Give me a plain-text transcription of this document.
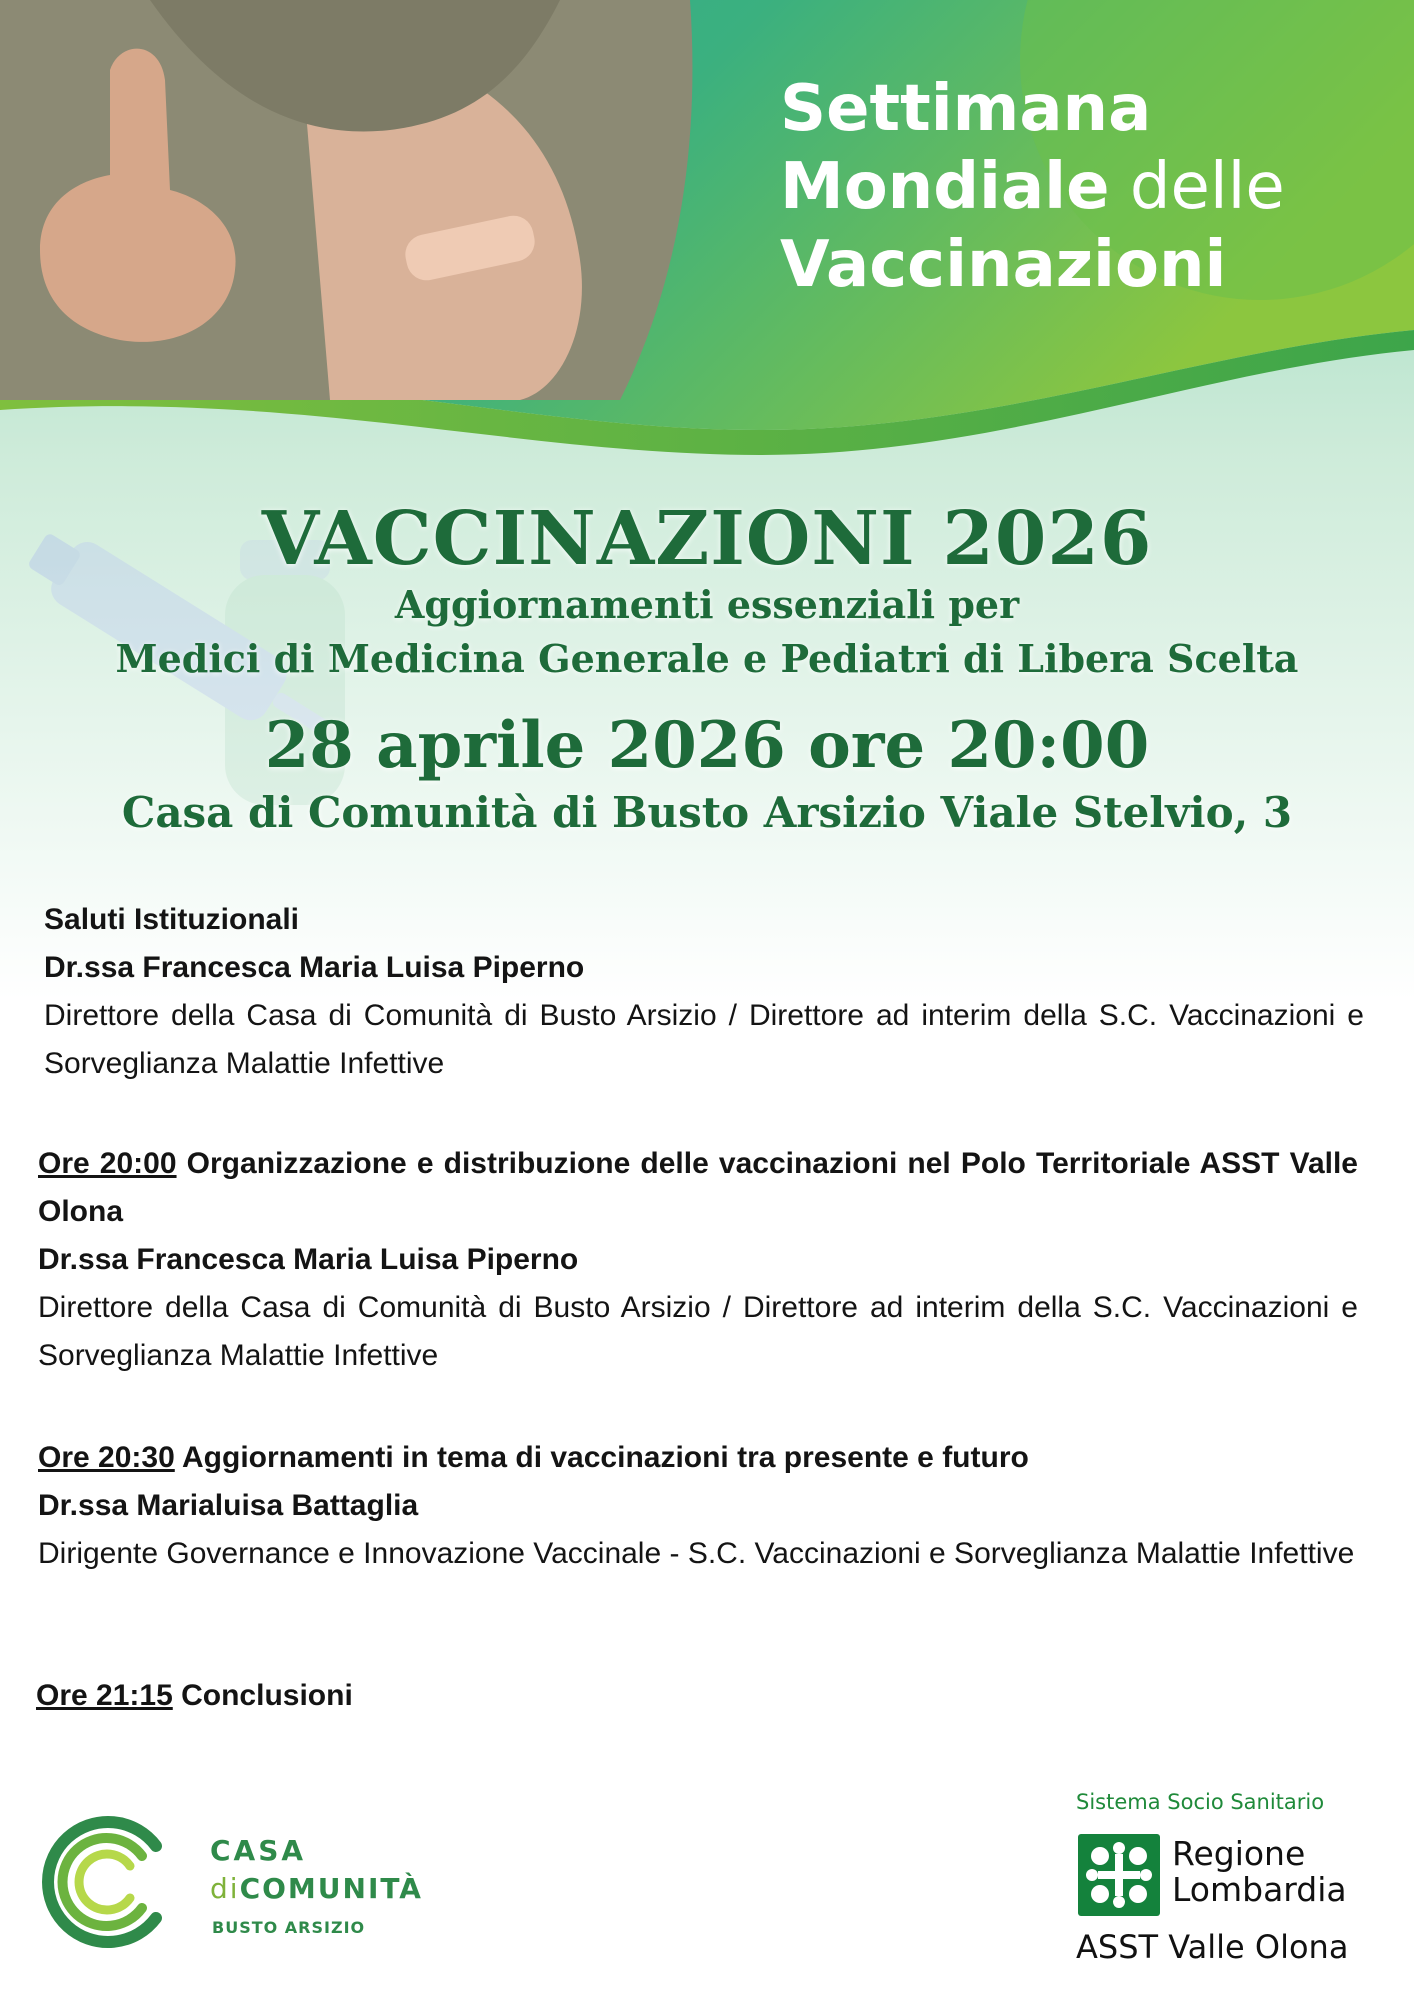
Settimana
Mondiale delle
Vaccinazioni
VACCINAZIONI 2026

Aggiornamenti essenziali per

Medici di Medicina Generale e Pediatri di Libera Scelta

28 aprile 2026 ore 20:00

Casa di Comunità di Busto Arsizio Viale Stelvio, 3

Saluti Istituzionali

Dr.ssa Francesca Maria Luisa Piperno

Direttore della Casa di Comunità di Busto Arsizio / Direttore ad interim della S.C. Vaccinazioni e Sorveglianza Malattie Infettive

Ore 20:00 Organizzazione e distribuzione delle vaccinazioni nel Polo Territoriale ASST Valle Olona

Dr.ssa Francesca Maria Luisa Piperno

Direttore della Casa di Comunità di Busto Arsizio / Direttore ad interim della S.C. Vaccinazioni e Sorveglianza Malattie Infettive

Ore 20:30 Aggiornamenti in tema di vaccinazioni tra presente e futuro

Dr.ssa Marialuisa Battaglia

Dirigente Governance e Innovazione Vaccinale - S.C. Vaccinazioni e Sorveglianza Malattie Infettive

Ore 21:15 Conclusioni

CASA
diCOMUNITÀ
BUSTO ARSIZIO
Sistema Socio Sanitario
Regione
Lombardia
ASST Valle Olona
